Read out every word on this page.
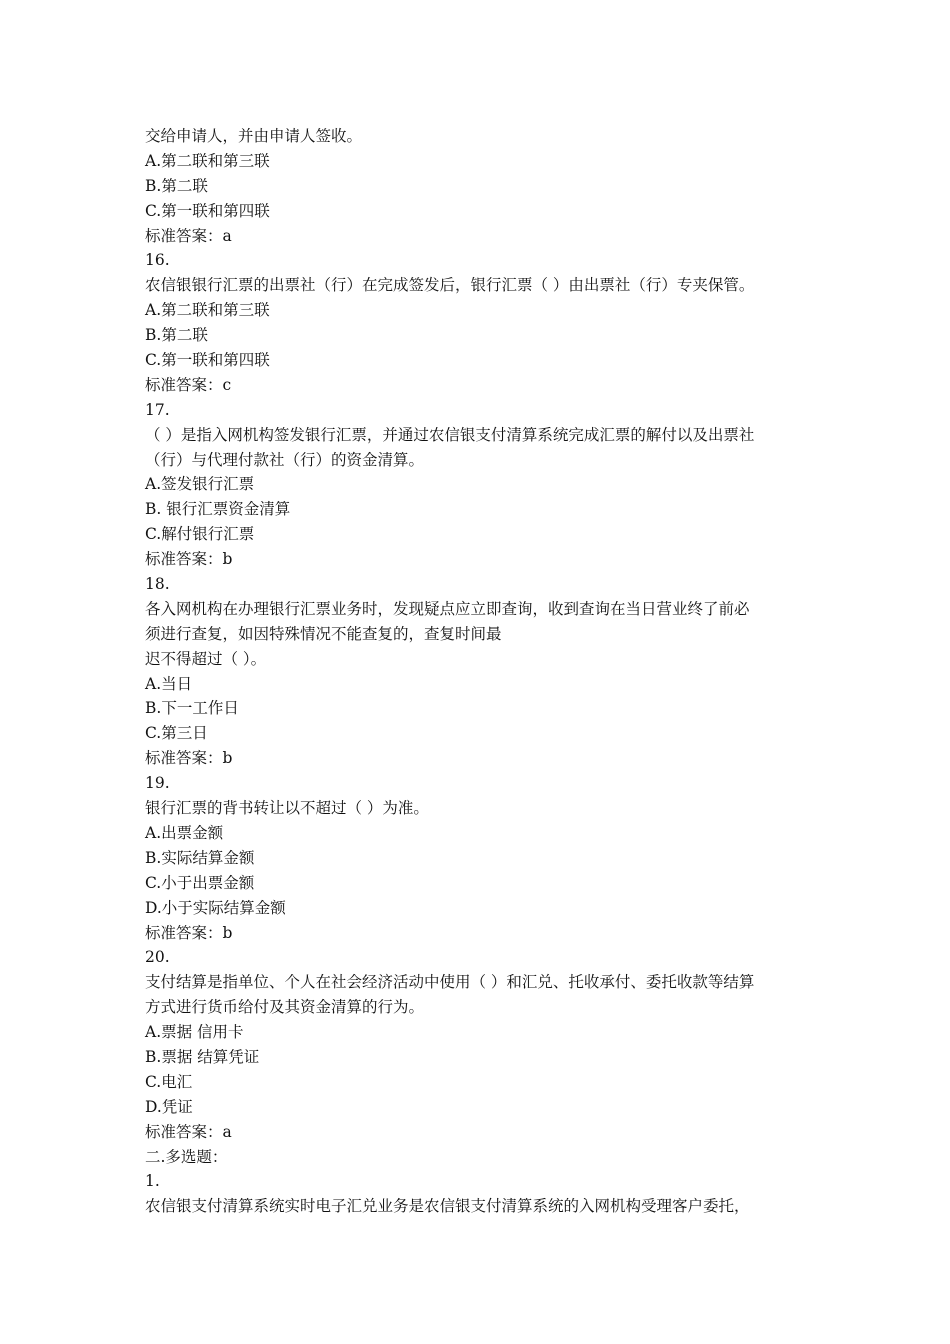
交给申请人，并由申请人签收。
A.第二联和第三联
B.第二联
C.第一联和第四联
标准答案：a
16.
农信银银行汇票的出票社（行）在完成签发后，银行汇票（ ）由出票社（行）专夹保管。
A.第二联和第三联
B.第二联
C.第一联和第四联
标准答案：c
17.
（ ）是指入网机构签发银行汇票，并通过农信银支付清算系统完成汇票的解付以及出票社
（行）与代理付款社（行）的资金清算。
A.签发银行汇票
B. 银行汇票资金清算
C.解付银行汇票
标准答案：b
18.
各入网机构在办理银行汇票业务时，发现疑点应立即查询，收到查询在当日营业终了前必
须进行查复，如因特殊情况不能查复的，查复时间最
迟不得超过（ ）。
A.当日
B.下一工作日
C.第三日
标准答案：b
19.
银行汇票的背书转让以不超过（ ）为准。
A.出票金额
B.实际结算金额
C.小于出票金额
D.小于实际结算金额
标准答案：b
20.
支付结算是指单位、个人在社会经济活动中使用（ ）和汇兑、托收承付、委托收款等结算
方式进行货币给付及其资金清算的行为。
A.票据 信用卡
B.票据 结算凭证
C.电汇
D.凭证
标准答案：a
二.多选题：
1.
农信银支付清算系统实时电子汇兑业务是农信银支付清算系统的入网机构受理客户委托，
